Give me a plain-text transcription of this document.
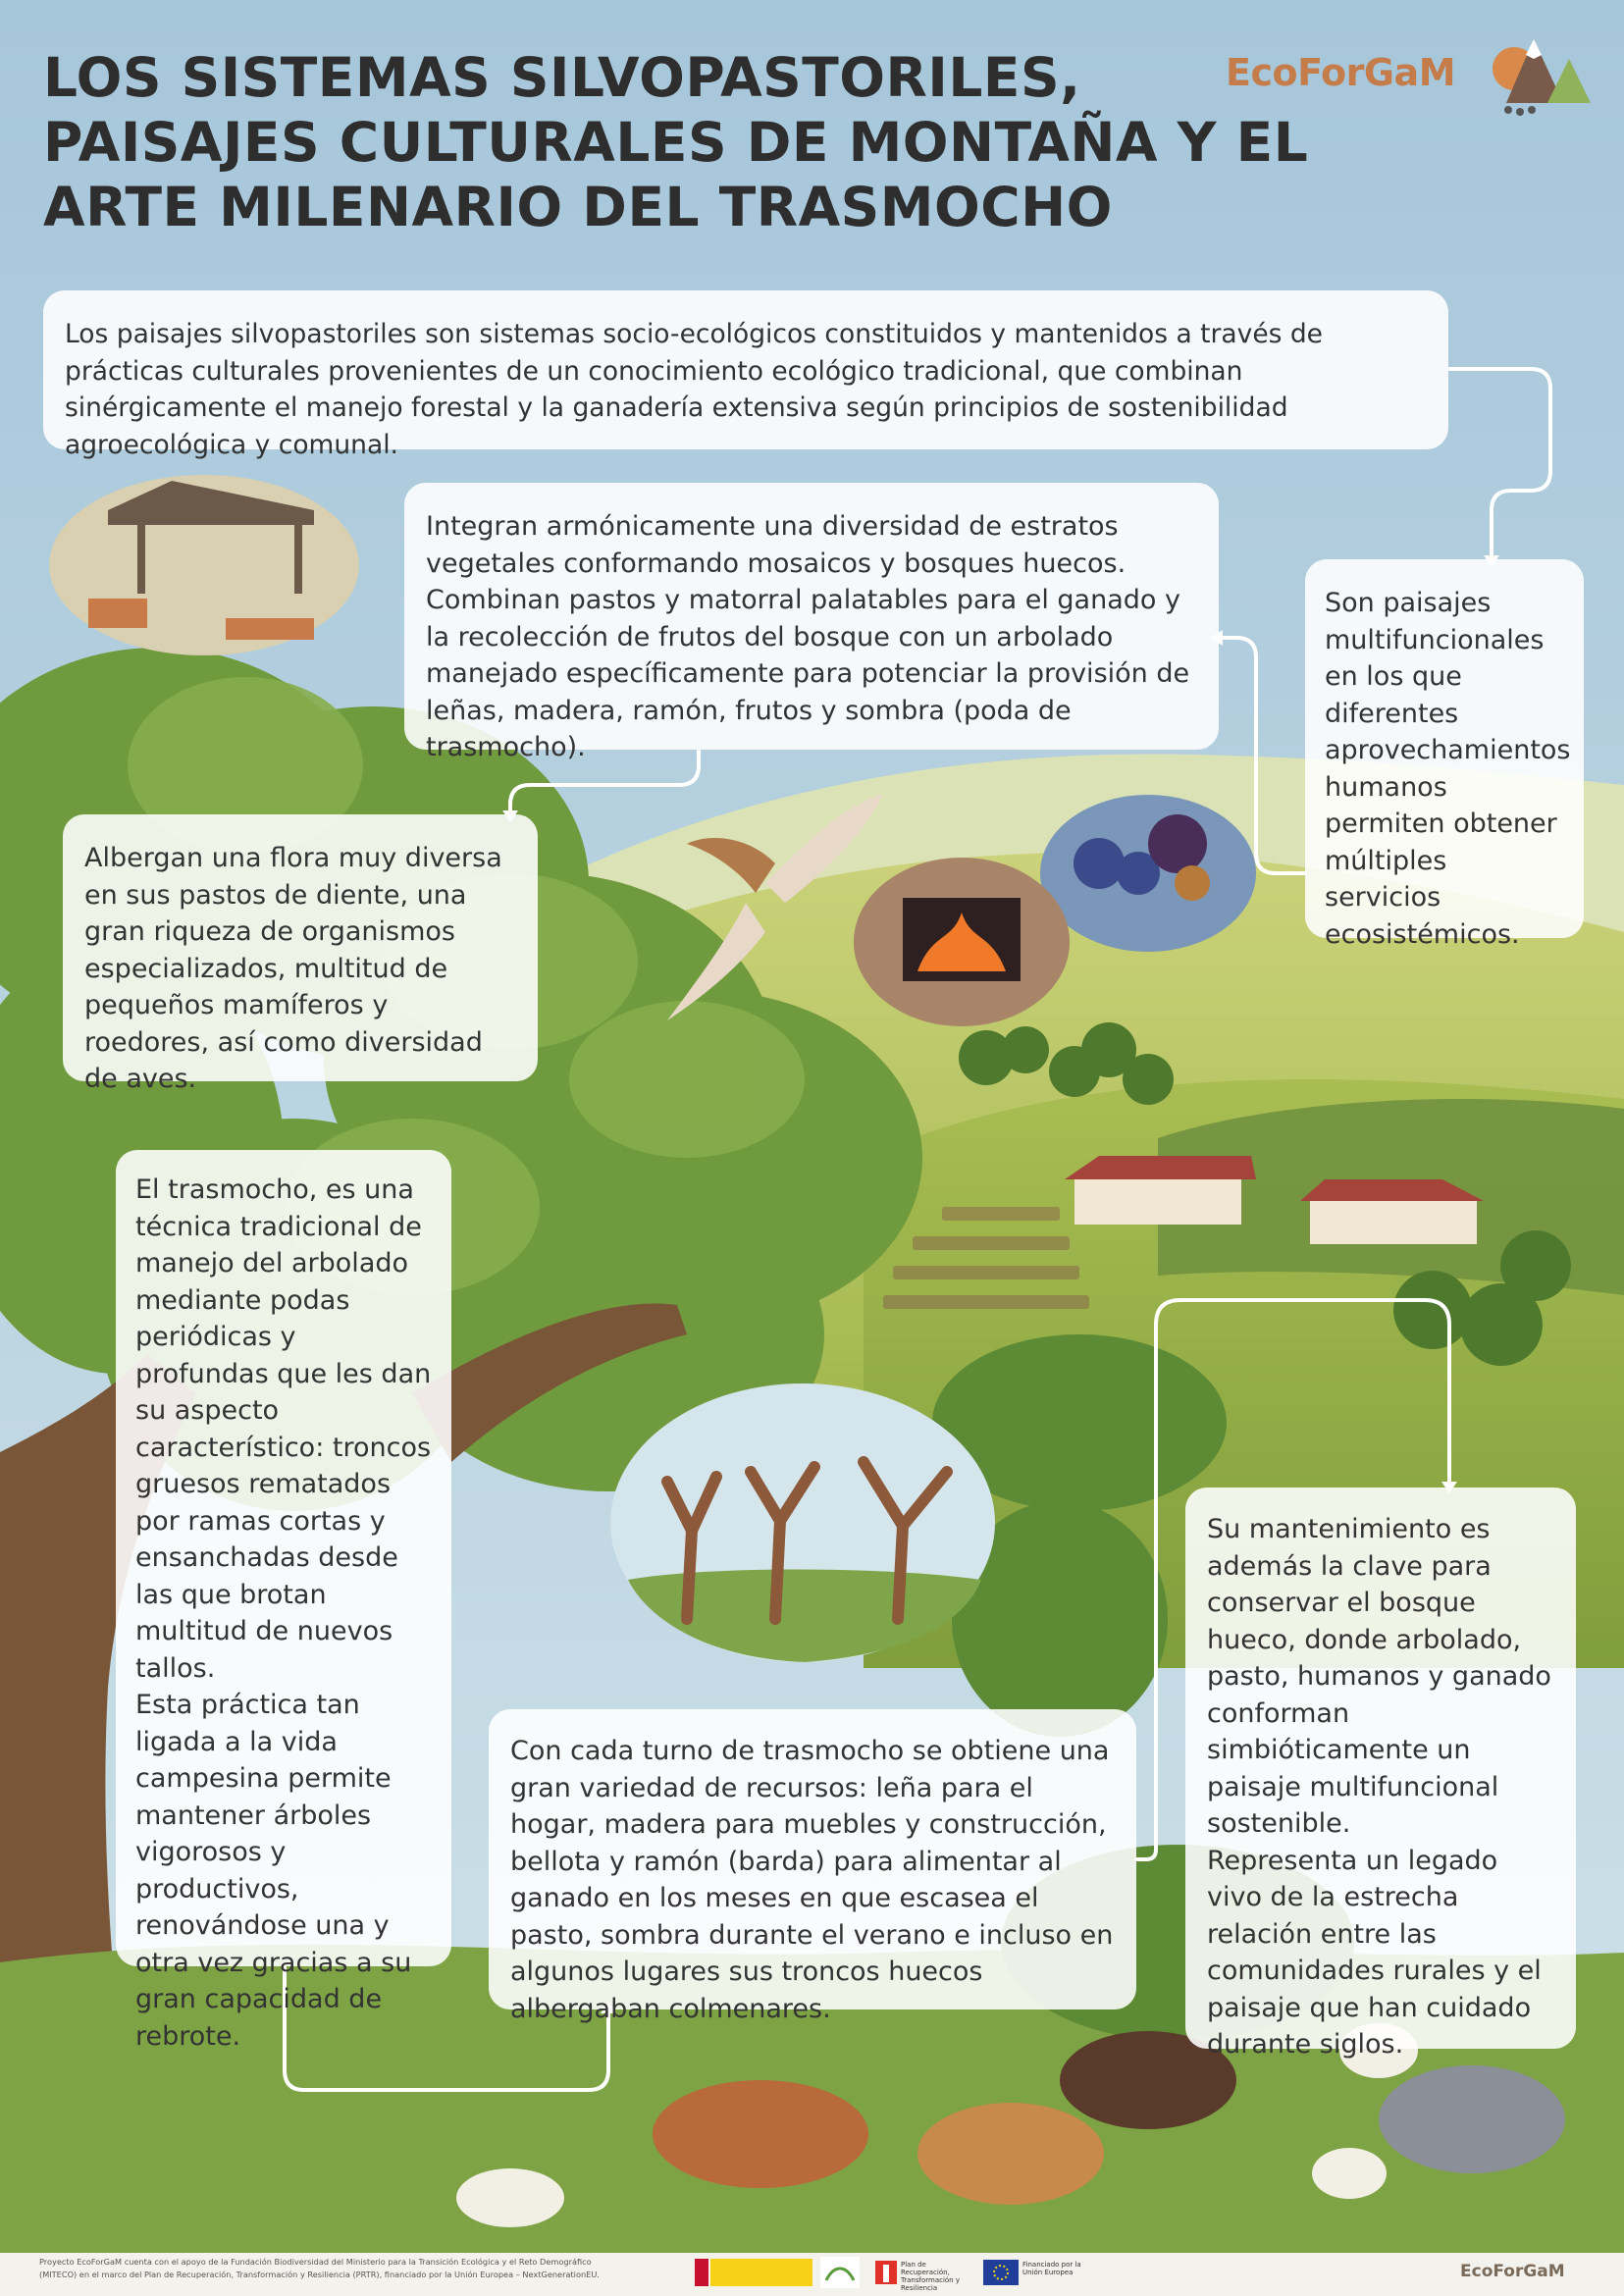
LOS SISTEMAS SILVOPASTORILES,
PAISAJES CULTURALES DE MONTAÑA Y EL
ARTE MILENARIO DEL TRASMOCHO
EcoForGaM

Los paisajes silvopastoriles son sistemas socio-ecológicos constituidos y mantenidos a través de prácticas culturales provenientes de un conocimiento ecológico tradicional, que combinan sinérgicamente el manejo forestal y la ganadería extensiva según principios de sostenibilidad agroecológica y comunal.

Integran armónicamente una diversidad de estratos vegetales conformando mosaicos y bosques huecos. Combinan pastos y matorral palatables para el ganado y la recolección de frutos del bosque con un arbolado manejado específicamente para potenciar la provisión de leñas, madera, ramón, frutos y sombra (poda de trasmocho).

Son paisajes multifuncionales en los que diferentes aprovechamientos humanos permiten obtener múltiples servicios ecosistémicos.

Albergan una flora muy diversa en sus pastos de diente, una gran riqueza de organismos especializados, multitud de pequeños mamíferos y roedores, así como diversidad de aves.

El trasmocho, es una técnica tradicional de manejo del arbolado mediante podas periódicas y profundas que les dan su aspecto característico: troncos gruesos rematados por ramas cortas y ensanchadas desde las que brotan multitud de nuevos tallos.

Esta práctica tan ligada a la vida campesina permite mantener árboles vigorosos y productivos, renovándose una y otra vez gracias a su gran capacidad de rebrote.

Con cada turno de trasmocho se obtiene una gran variedad de recursos: leña para el hogar, madera para muebles y construcción, bellota y ramón (barda) para alimentar al ganado en los meses en que escasea el pasto, sombra durante el verano e incluso en algunos lugares sus troncos huecos albergaban colmenares.

Su mantenimiento es además la clave para conservar el bosque hueco, donde arbolado, pasto, humanos y ganado conforman simbióticamente un paisaje multifuncional sostenible.

Representa un legado vivo de la estrecha relación entre las comunidades rurales y el paisaje que han cuidado durante siglos.

Proyecto EcoForGaM cuenta con el apoyo de la Fundación Biodiversidad del Ministerio para la Transición Ecológica y el Reto Demográfico
(MITECO) en el marco del Plan de Recuperación, Transformación y Resiliencia (PRTR), financiado por la Unión Europea – NextGenerationEU.
Plan de Recuperación, Transformación y Resiliencia
Financiado por la Unión Europea	EcoForGaM
